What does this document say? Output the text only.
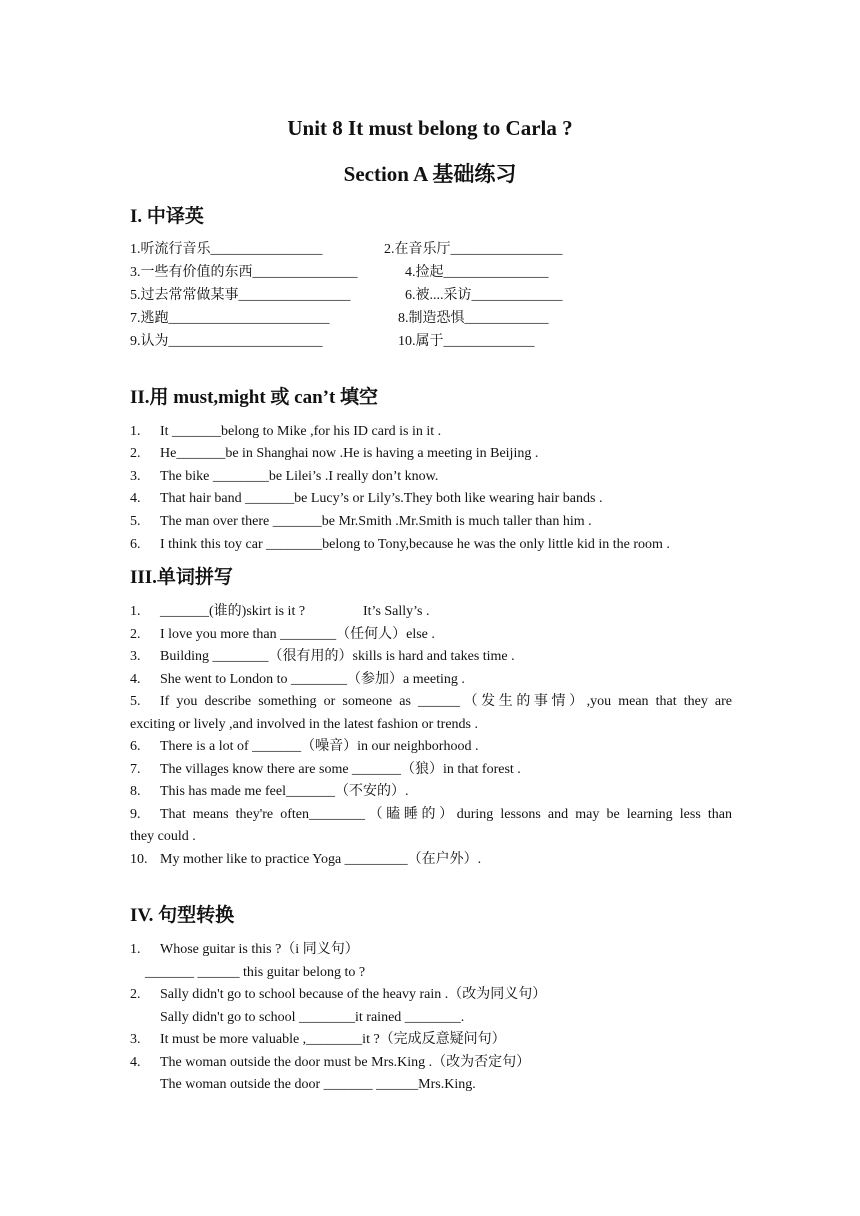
Unit 8 It must belong to Carla ?
Section A 基础练习
I. 中译英
1.听流行音乐________________	2.在音乐厅________________
3.一些有价值的东西_______________	4.捡起_______________
5.过去常常做某事________________	6.被....采访_____________
7.逃跑_______________________	8.制造恐惧____________
9.认为______________________	10.属于_____________
II.用 must,might 或 can’t 填空
1. It _______belong to Mike ,for his ID card is in it .
2. He_______be in Shanghai now .He is having a meeting in Beijing .
3. The bike ________be Lilei’s .I really don’t know.
4. That hair band _______be Lucy’s or Lily’s.They both like wearing hair bands .
5. The man over there _______be Mr.Smith .Mr.Smith is much taller than him .
6. I think this toy car ________belong to Tony,because he was the only little kid in the room .
III.单词拼写
1. _______(谁的)skirt is it ?	It’s Sally’s .
2. I love you more than ________（任何人）else .
3. Building ________（很有用的）skills is hard and takes time .
4. She went to London to ________（参加）a meeting .
5. If you describe something or someone as ______（发生的事情）,you mean that they are
exciting or lively ,and involved in the latest fashion or trends .
6. There is a lot of _______（噪音）in our neighborhood .
7. The villages know there are some _______（狼）in that forest .
8. This has made me feel_______（不安的）.
9. That means they're often________（瞌睡的）during lessons and may be learning less than
they could .
10. My mother like to practice Yoga _________（在户外）.
IV. 句型转换
1. Whose guitar is this ?（i 同义句）
_______ ______ this guitar belong to ?
2. Sally didn't go to school because of the heavy rain .（改为同义句）
Sally didn't go to school ________it rained ________.
3. It must be more valuable ,________it ?（完成反意疑问句）
4. The woman outside the door must be Mrs.King .（改为否定句）
The woman outside the door _______ ______Mrs.King.
